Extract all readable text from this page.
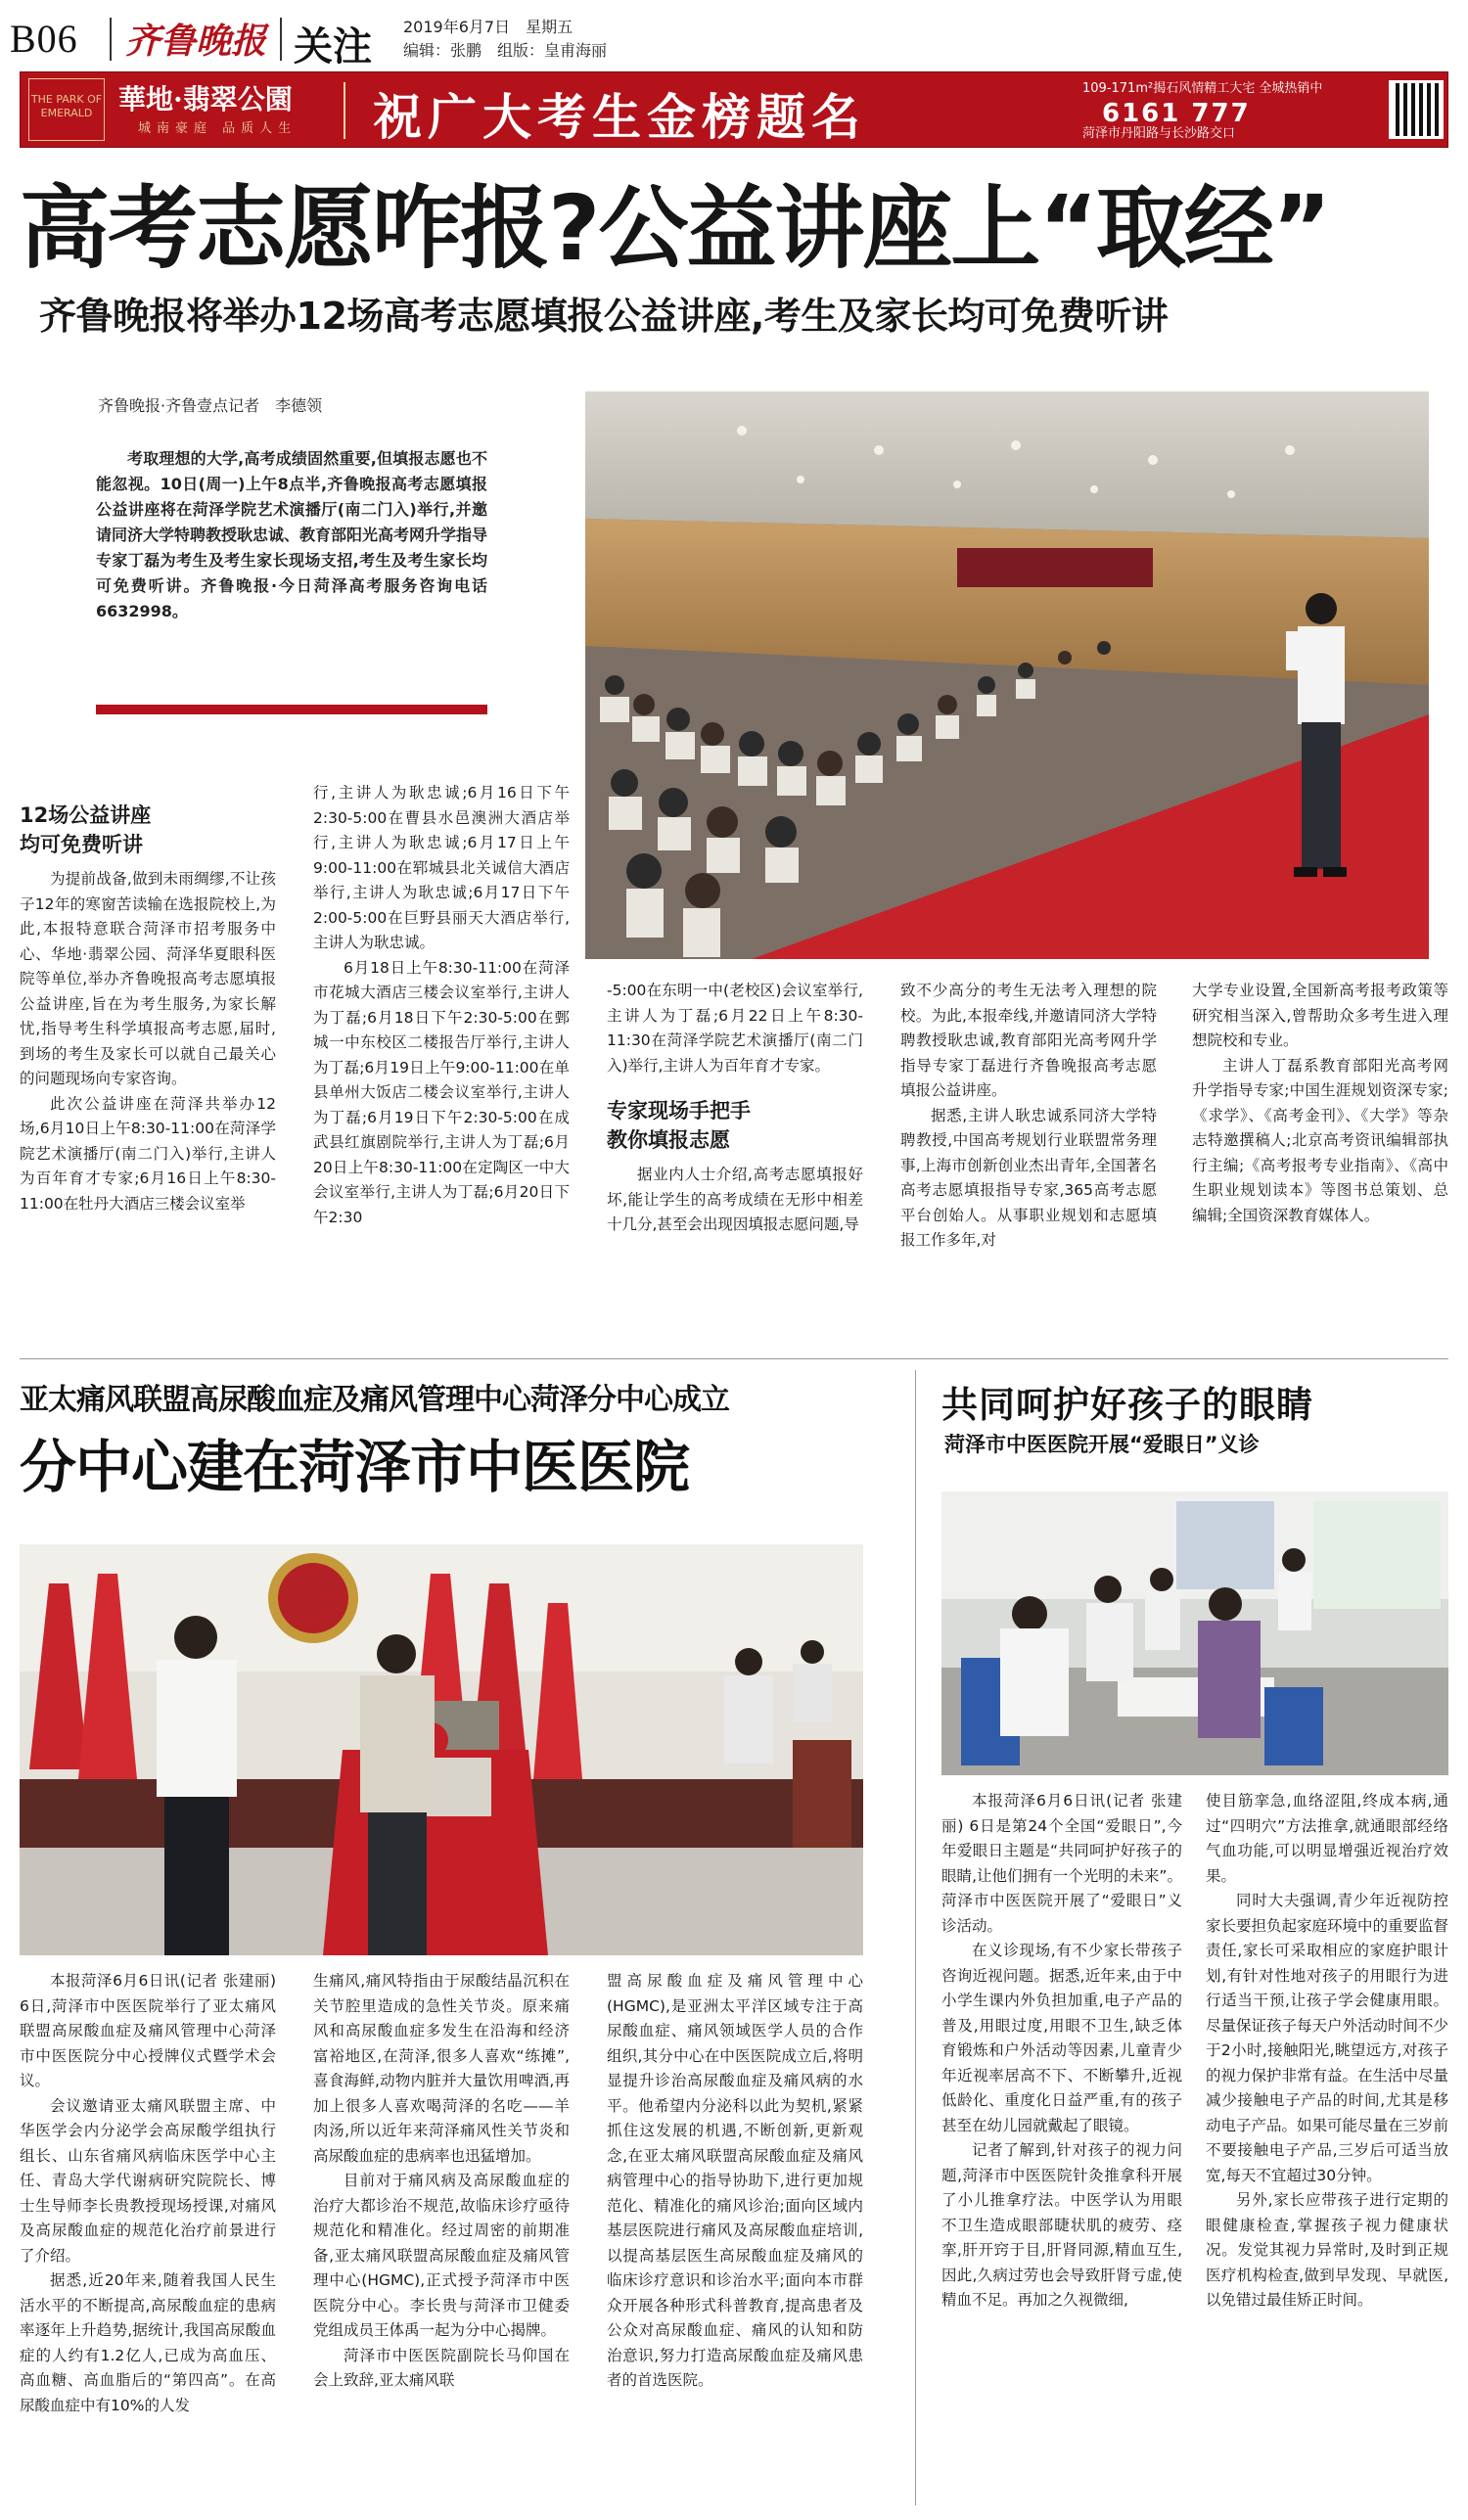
B06 齐鲁晚报 关注 2019年6月7日　星期五
编辑：张鹏　组版：皇甫海丽
THE PARK OF EMERALD 華地·翡翠公園
城南豪庭 品质人生 祝广大考生金榜题名	109-171m²揭石风情精工大宅 全城热销中
菏泽市丹阳路与长沙路交口
6161 777
高考志愿咋报?公益讲座上“取经”
齐鲁晚报将举办12场高考志愿填报公益讲座,考生及家长均可免费听讲
齐鲁晚报·齐鲁壹点记者　李德领
考取理想的大学,高考成绩固然重要,但填报志愿也不能忽视。10日(周一)上午8点半,齐鲁晚报高考志愿填报公益讲座将在菏泽学院艺术演播厅(南二门入)举行,并邀请同济大学特聘教授耿忠诚、教育部阳光高考网升学指导专家丁磊为考生及考生家长现场支招,考生及考生家长均可免费听讲。齐鲁晚报·今日菏泽高考服务咨询电话6632998。
12场公益讲座
均可免费听讲

为提前战备,做到未雨绸缪,不让孩子12年的寒窗苦读输在选报院校上,为此,本报特意联合菏泽市招考服务中心、华地·翡翠公园、菏泽华夏眼科医院等单位,举办齐鲁晚报高考志愿填报公益讲座,旨在为考生服务,为家长解忧,指导考生科学填报高考志愿,届时,到场的考生及家长可以就自己最关心的问题现场向专家咨询。

此次公益讲座在菏泽共举办12场,6月10日上午8:30-11:00在菏泽学院艺术演播厅(南二门入)举行,主讲人为百年育才专家;6月16日上午8:30-11:00在牡丹大酒店三楼会议室举

行,主讲人为耿忠诚;6月16日下午2:30-5:00在曹县水邑澳洲大酒店举行,主讲人为耿忠诚;6月17日上午9:00-11:00在郓城县北关诚信大酒店举行,主讲人为耿忠诚;6月17日下午2:00-5:00在巨野县丽天大酒店举行,主讲人为耿忠诚。

6月18日上午8:30-11:00在菏泽市花城大酒店三楼会议室举行,主讲人为丁磊;6月18日下午2:30-5:00在鄄城一中东校区二楼报告厅举行,主讲人为丁磊;6月19日上午9:00-11:00在单县单州大饭店二楼会议室举行,主讲人为丁磊;6月19日下午2:30-5:00在成武县红旗剧院举行,主讲人为丁磊;6月20日上午8:30-11:00在定陶区一中大会议室举行,主讲人为丁磊;6月20日下午2:30

-5:00在东明一中(老校区)会议室举行,主讲人为丁磊;6月22日上午8:30-11:30在菏泽学院艺术演播厅(南二门入)举行,主讲人为百年育才专家。

专家现场手把手
教你填报志愿

据业内人士介绍,高考志愿填报好坏,能让学生的高考成绩在无形中相差十几分,甚至会出现因填报志愿问题,导

致不少高分的考生无法考入理想的院校。为此,本报牵线,并邀请同济大学特聘教授耿忠诚,教育部阳光高考网升学指导专家丁磊进行齐鲁晚报高考志愿填报公益讲座。

据悉,主讲人耿忠诚系同济大学特聘教授,中国高考规划行业联盟常务理事,上海市创新创业杰出青年,全国著名高考志愿填报指导专家,365高考志愿平台创始人。从事职业规划和志愿填报工作多年,对

大学专业设置,全国新高考报考政策等研究相当深入,曾帮助众多考生进入理想院校和专业。

主讲人丁磊系教育部阳光高考网升学指导专家;中国生涯规划资深专家;《求学》、《高考金刊》、《大学》等杂志特邀撰稿人;北京高考资讯编辑部执行主编;《高考报考专业指南》、《高中生职业规划读本》等图书总策划、总编辑;全国资深教育媒体人。

亚太痛风联盟高尿酸血症及痛风管理中心菏泽分中心成立
分中心建在菏泽市中医医院

本报菏泽6月6日讯(记者 张建丽) 6日,菏泽市中医医院举行了亚太痛风联盟高尿酸血症及痛风管理中心菏泽市中医医院分中心授牌仪式暨学术会议。

会议邀请亚太痛风联盟主席、中华医学会内分泌学会高尿酸学组执行组长、山东省痛风病临床医学中心主任、青岛大学代谢病研究院院长、博士生导师李长贵教授现场授课,对痛风及高尿酸血症的规范化治疗前景进行了介绍。

据悉,近20年来,随着我国人民生活水平的不断提高,高尿酸血症的患病率逐年上升趋势,据统计,我国高尿酸血症的人约有1.2亿人,已成为高血压、高血糖、高血脂后的“第四高”。在高尿酸血症中有10%的人发

生痛风,痛风特指由于尿酸结晶沉积在关节腔里造成的急性关节炎。原来痛风和高尿酸血症多发生在沿海和经济富裕地区,在菏泽,很多人喜欢“练摊”,喜食海鲜,动物内脏并大量饮用啤酒,再加上很多人喜欢喝菏泽的名吃——羊肉汤,所以近年来菏泽痛风性关节炎和高尿酸血症的患病率也迅猛增加。

目前对于痛风病及高尿酸血症的治疗大都诊治不规范,故临床诊疗亟待规范化和精准化。经过周密的前期准备,亚太痛风联盟高尿酸血症及痛风管理中心(HGMC),正式授予菏泽市中医医院分中心。李长贵与菏泽市卫健委党组成员王体禹一起为分中心揭牌。

菏泽市中医医院副院长马仰国在会上致辞,亚太痛风联

盟高尿酸血症及痛风管理中心(HGMC),是亚洲太平洋区域专注于高尿酸血症、痛风领域医学人员的合作组织,其分中心在中医医院成立后,将明显提升诊治高尿酸血症及痛风病的水平。他希望内分泌科以此为契机,紧紧抓住这发展的机遇,不断创新,更新观念,在亚太痛风联盟高尿酸血症及痛风病管理中心的指导协助下,进行更加规范化、精准化的痛风诊治;面向区域内基层医院进行痛风及高尿酸血症培训,以提高基层医生高尿酸血症及痛风的临床诊疗意识和诊治水平;面向本市群众开展各种形式科普教育,提高患者及公众对高尿酸血症、痛风的认知和防治意识,努力打造高尿酸血症及痛风患者的首选医院。

共同呵护好孩子的眼睛
菏泽市中医医院开展“爱眼日”义诊

本报菏泽6月6日讯(记者 张建丽) 6日是第24个全国“爱眼日”,今年爱眼日主题是“共同呵护好孩子的眼睛,让他们拥有一个光明的未来”。菏泽市中医医院开展了“爱眼日”义诊活动。

在义诊现场,有不少家长带孩子咨询近视问题。据悉,近年来,由于中小学生课内外负担加重,电子产品的普及,用眼过度,用眼不卫生,缺乏体育锻炼和户外活动等因素,儿童青少年近视率居高不下、不断攀升,近视低龄化、重度化日益严重,有的孩子甚至在幼儿园就戴起了眼镜。

记者了解到,针对孩子的视力问题,菏泽市中医医院针灸推拿科开展了小儿推拿疗法。中医学认为用眼不卫生造成眼部睫状肌的疲劳、痉挛,肝开窍于目,肝肾同源,精血互生,因此,久病过劳也会导致肝肾亏虚,使精血不足。再加之久视微细,

使目筋挛急,血络涩阻,终成本病,通过“四明穴”方法推拿,就通眼部经络气血功能,可以明显增强近视治疗效果。

同时大夫强调,青少年近视防控家长要担负起家庭环境中的重要监督责任,家长可采取相应的家庭护眼计划,有针对性地对孩子的用眼行为进行适当干预,让孩子学会健康用眼。尽量保证孩子每天户外活动时间不少于2小时,接触阳光,眺望远方,对孩子的视力保护非常有益。在生活中尽量减少接触电子产品的时间,尤其是移动电子产品。如果可能尽量在三岁前不要接触电子产品,三岁后可适当放宽,每天不宜超过30分钟。

另外,家长应带孩子进行定期的眼健康检查,掌握孩子视力健康状况。发觉其视力异常时,及时到正规医疗机构检查,做到早发现、早就医,以免错过最佳矫正时间。
